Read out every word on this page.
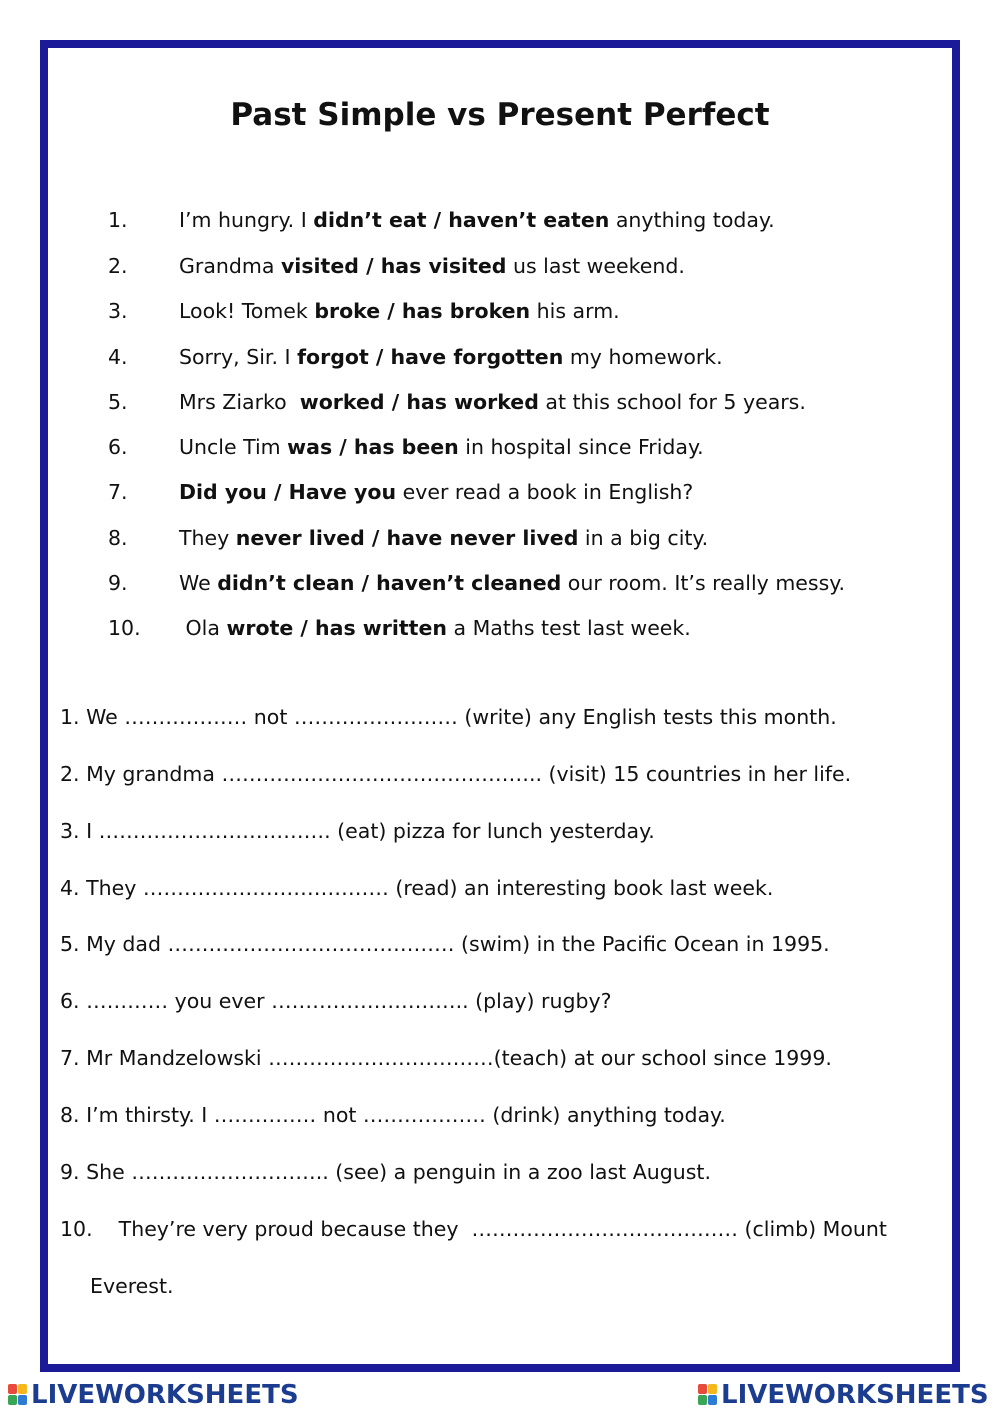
Past Simple vs Present Perfect
1.	I’m hungry. I didn’t eat / haven’t eaten anything today.
2.	Grandma visited / has visited us last weekend.
3.	Look! Tomek broke / has broken his arm.
4.	Sorry, Sir. I forgot / have forgotten my homework.
5.	Mrs Ziarko  worked / has worked at this school for 5 years.
6.	Uncle Tim was / has been in hospital since Friday.
7.	Did you / Have you ever read a book in English?
8.	They never lived / have never lived in a big city.
9.	We didn’t clean / haven’t cleaned our room. It’s really messy.
10.	Ola wrote / has written a Maths test last week.
1. We ……………… not …………………… (write) any English tests this month.
2. My grandma ……………………………………….. (visit) 15 countries in her life.
3. I ……………………………. (eat) pizza for lunch yesterday.
4. They ……………………………… (read) an interesting book last week.
5. My dad …………………………………… (swim) in the Pacific Ocean in 1995.
6. ………… you ever ……………………….. (play) rugby?
7. Mr Mandzelowski ……………………………(teach) at our school since 1999.
8. I’m thirsty. I …………… not ……………… (drink) anything today.
9. She ……………………….. (see) a penguin in a zoo last August.
10.    They’re very proud because they  ………………………………… (climb) Mount
Everest.
LIVEWORKSHEETS	LIVEWORKSHEETS
